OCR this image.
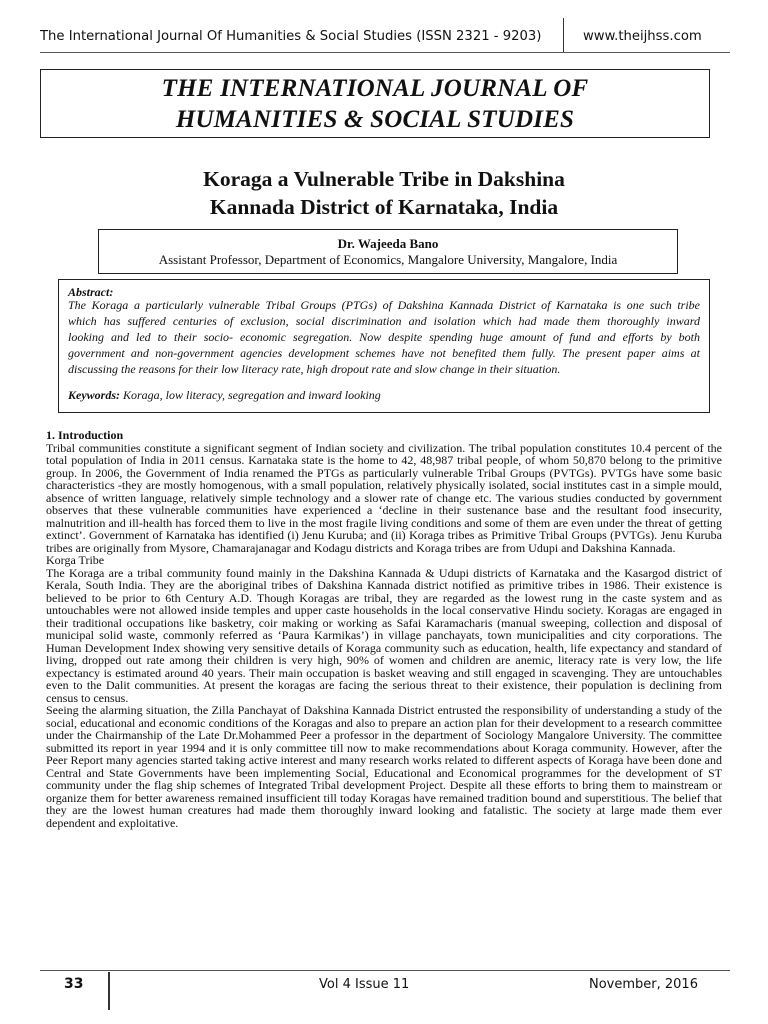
The International Journal Of Humanities & Social Studies (ISSN 2321 - 9203)	www.theijhss.com
THE INTERNATIONAL JOURNAL OF
HUMANITIES & SOCIAL STUDIES
Koraga a Vulnerable Tribe in Dakshina
Kannada District of Karnataka, India
Dr. Wajeeda Bano
Assistant Professor, Department of Economics, Mangalore University, Mangalore, India
Abstract:
The Koraga a particularly vulnerable Tribal Groups (PTGs) of Dakshina Kannada District of Karnataka is one such tribe
which has suffered centuries of exclusion, social discrimination and isolation which had made them thoroughly inward
looking and led to their socio- economic segregation. Now despite spending huge amount of fund and efforts by both
government and non-government agencies development schemes have not benefited them fully. The present paper aims at
discussing the reasons for their low literacy rate, high dropout rate and slow change in their situation.
Keywords: Koraga, low literacy, segregation and inward looking
1. Introduction

Tribal communities constitute a significant segment of Indian society and civilization. The tribal population constitutes 10.4 percent of the total population of India in 2011 census. Karnataka state is the home to 42, 48,987 tribal people, of whom 50,870 belong to the primitive group. In 2006, the Government of India renamed the PTGs as particularly vulnerable Tribal Groups (PVTGs). PVTGs have some basic characteristics -they are mostly homogenous, with a small population, relatively physically isolated, social institutes cast in a simple mould, absence of written language, relatively simple technology and a slower rate of change etc. The various studies conducted by government observes that these vulnerable communities have experienced a ‘decline in their sustenance base and the resultant food insecurity, malnutrition and ill-health has forced them to live in the most fragile living conditions and some of them are even under the threat of getting extinct’. Government of Karnataka has identified (i) Jenu Kuruba; and (ii) Koraga tribes as Primitive Tribal Groups (PVTGs). Jenu Kuruba tribes are originally from Mysore, Chamarajanagar and Kodagu districts and Koraga tribes are from Udupi and Dakshina Kannada.

Korga Tribe

The Koraga are a tribal community found mainly in the Dakshina Kannada & Udupi districts of Karnataka and the Kasargod district of Kerala, South India. They are the aboriginal tribes of Dakshina Kannada district notified as primitive tribes in 1986. Their existence is believed to be prior to 6th Century A.D. Though Koragas are tribal, they are regarded as the lowest rung in the caste system and as untouchables were not allowed inside temples and upper caste households in the local conservative Hindu society. Koragas are engaged in their traditional occupations like basketry, coir making or working as Safai Karamacharis (manual sweeping, collection and disposal of municipal solid waste, commonly referred as ‘Paura Karmikas’) in village panchayats, town municipalities and city corporations. The Human Development Index showing very sensitive details of Koraga community such as education, health, life expectancy and standard of living, dropped out rate among their children is very high, 90% of women and children are anemic, literacy rate is very low, the life expectancy is estimated around 40 years. Their main occupation is basket weaving and still engaged in scavenging. They are untouchables even to the Dalit communities. At present the koragas are facing the serious threat to their existence, their population is declining from census to census.

Seeing the alarming situation, the Zilla Panchayat of Dakshina Kannada District entrusted the responsibility of understanding a study of the social, educational and economic conditions of the Koragas and also to prepare an action plan for their development to a research committee under the Chairmanship of the Late Dr.Mohammed Peer a professor in the department of Sociology Mangalore University. The committee submitted its report in year 1994 and it is only committee till now to make recommendations about Koraga community. However, after the Peer Report many agencies started taking active interest and many research works related to different aspects of Koraga have been done and Central and State Governments have been implementing Social, Educational and Economical programmes for the development of ST community under the flag ship schemes of Integrated Tribal development Project. Despite all these efforts to bring them to mainstream or organize them for better awareness remained insufficient till today Koragas have remained tradition bound and superstitious. The belief that they are the lowest human creatures had made them thoroughly inward looking and fatalistic. The society at large made them ever dependent and exploitative.

33	Vol 4 Issue 11	November, 2016
